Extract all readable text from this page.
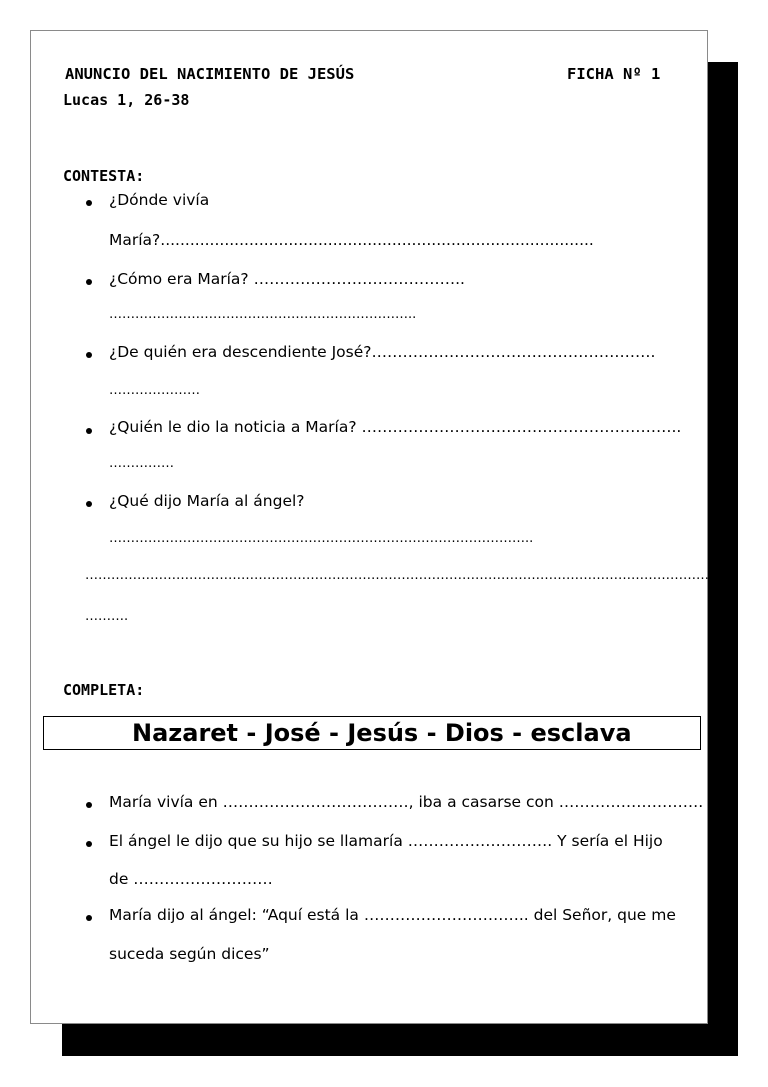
ANUNCIO DEL NACIMIENTO DE JESÚS	FICHA Nº 1
Lucas 1, 26-38
CONTESTA:
¿Dónde vivía
María?........................................................................................
¿Cómo era María? …………………………………..
……………………………………………………………..
¿De quién era descendiente José?……………………………………………….
…………………
¿Quién le dio la noticia a María? ……………………………………………………..
……………
¿Qué dijo María al ángel?
……………………………………………………………………………………..
…………………………………………………………………………………………………………………………………
……….
COMPLETA:
Nazaret - José - Jesús - Dios - esclava
María vivía en ………………………………, iba a casarse con ……………………….
El ángel le dijo que su hijo se llamaría ………………………. Y sería el Hijo
de ………………………
María dijo al ángel: “Aquí está la ………………………….. del Señor, que me
suceda según dices”
